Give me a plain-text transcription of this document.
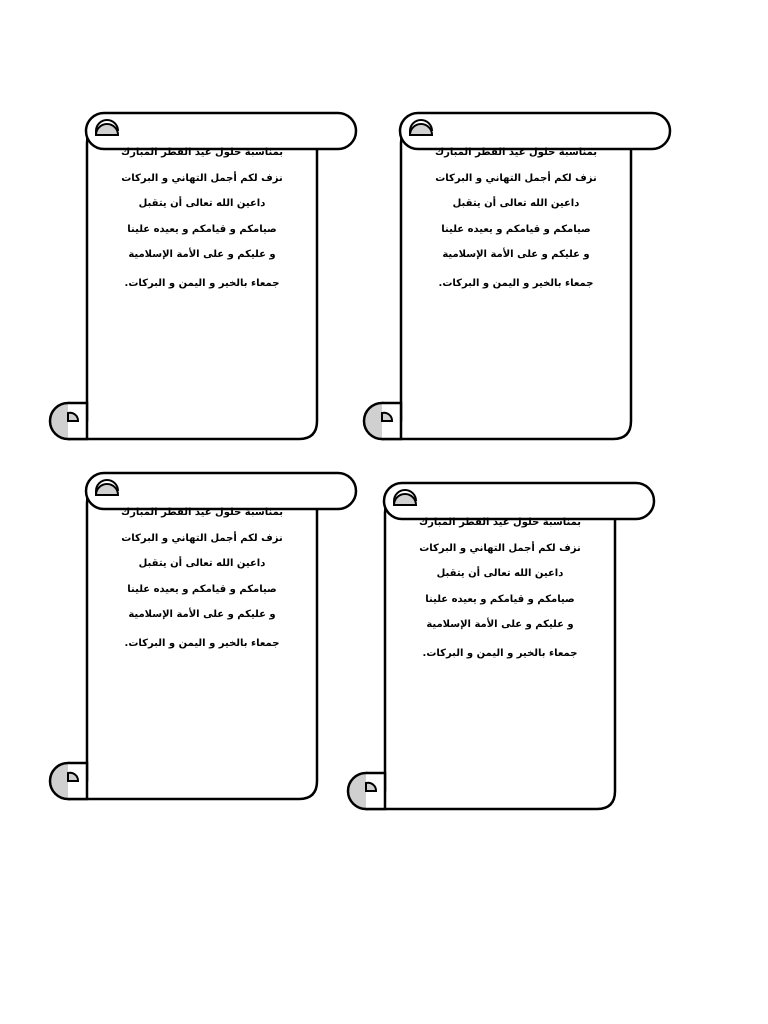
بمناسبة حلول عيد الفطر المبارك
نزف لكم أجمل التهاني و البركات
داعين الله تعالى أن يتقبل
صيامكم و قيامكم و يعيده علينا
و عليكم و على الأمة الإسلامية
جمعاء بالخير و اليمن و البركات.
بمناسبة حلول عيد الفطر المبارك
نزف لكم أجمل التهاني و البركات
داعين الله تعالى أن يتقبل
صيامكم و قيامكم و يعيده علينا
و عليكم و على الأمة الإسلامية
جمعاء بالخير و اليمن و البركات.
بمناسبة حلول عيد الفطر المبارك
نزف لكم أجمل التهاني و البركات
داعين الله تعالى أن يتقبل
صيامكم و قيامكم و يعيده علينا
و عليكم و على الأمة الإسلامية
جمعاء بالخير و اليمن و البركات.
بمناسبة حلول عيد الفطر المبارك
نزف لكم أجمل التهاني و البركات
داعين الله تعالى أن يتقبل
صيامكم و قيامكم و يعيده علينا
و عليكم و على الأمة الإسلامية
جمعاء بالخير و اليمن و البركات.
